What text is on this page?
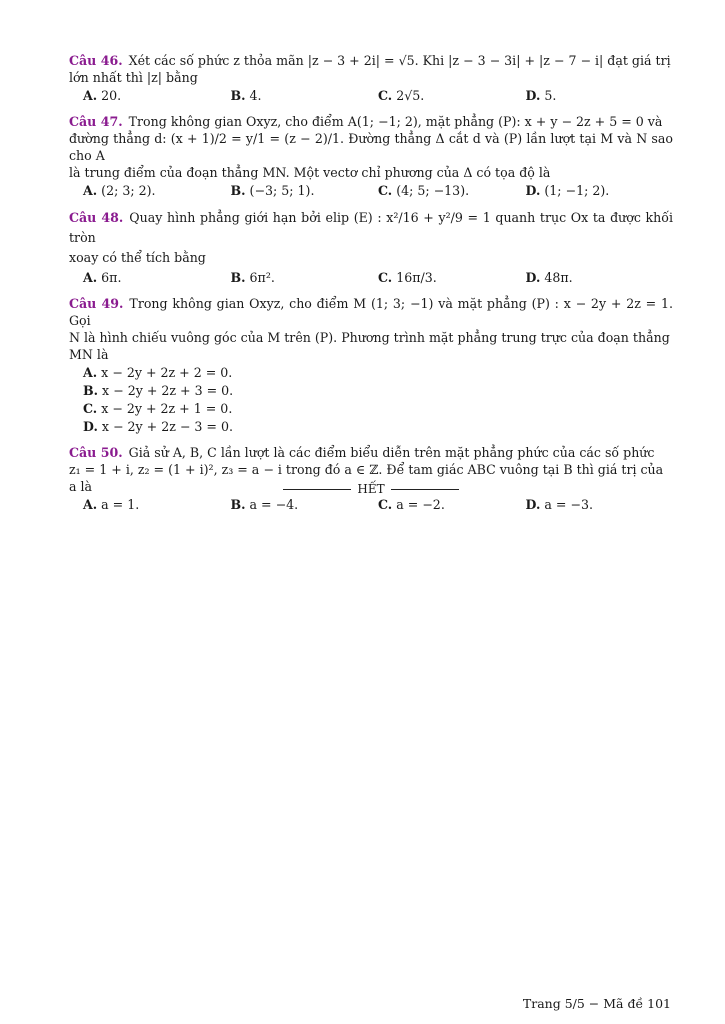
Câu 46. Xét các số phức z thỏa mãn |z − 3 + 2i| = √5. Khi |z − 3 − 3i| + |z − 7 − i| đạt giá trị
lớn nhất thì |z| bằng
A. 20.	B. 4.	C. 2√5.	D. 5.
Câu 47. Trong không gian Oxyz, cho điểm A(1; −1; 2), mặt phẳng (P): x + y − 2z + 5 = 0 và
đường thẳng d: (x + 1)/2 = y/1 = (z − 2)/1. Đường thẳng Δ cắt d và (P) lần lượt tại M và N sao cho A
là trung điểm của đoạn thẳng MN. Một vectơ chỉ phương của Δ có tọa độ là
A. (2; 3; 2).	B. (−3; 5; 1).	C. (4; 5; −13).	D. (1; −1; 2).
Câu 48. Quay hình phẳng giới hạn bởi elip (E) : x²/16 + y²/9 = 1 quanh trục Ox ta được khối tròn
xoay có thể tích bằng
A. 6π.	B. 6π².	C. 16π/3.	D. 48π.
Câu 49. Trong không gian Oxyz, cho điểm M (1; 3; −1) và mặt phẳng (P) : x − 2y + 2z = 1. Gọi
N là hình chiếu vuông góc của M trên (P). Phương trình mặt phẳng trung trực của đoạn thẳng
MN là
A. x − 2y + 2z + 2 = 0.
B. x − 2y + 2z + 3 = 0.
C. x − 2y + 2z + 1 = 0.
D. x − 2y + 2z − 3 = 0.
Câu 50. Giả sử A, B, C lần lượt là các điểm biểu diễn trên mặt phẳng phức của các số phức
z₁ = 1 + i, z₂ = (1 + i)², z₃ = a − i trong đó a ∈ ℤ. Để tam giác ABC vuông tại B thì giá trị của
a là
A. a = 1.	B. a = −4.	C. a = −2.	D. a = −3.
HẾT
Trang 5/5 − Mã đề 101
